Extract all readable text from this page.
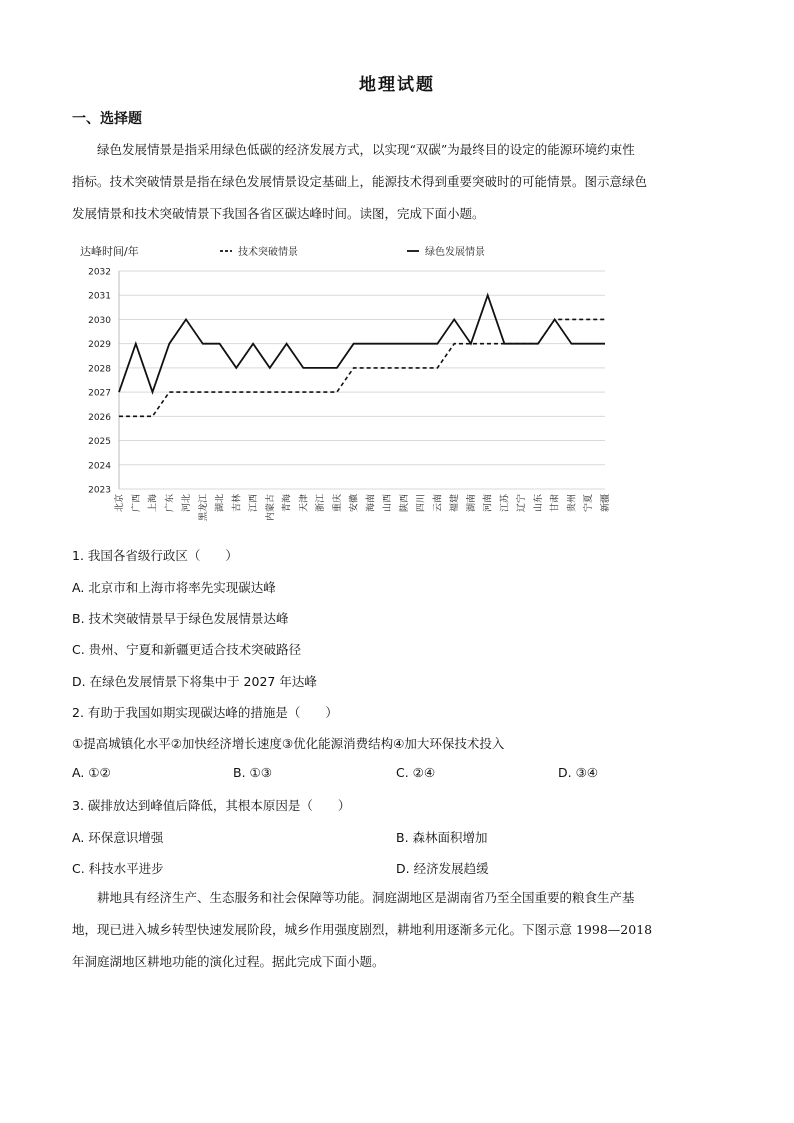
地理试题
一、选择题

绿色发展情景是指采用绿色低碳的经济发展方式，以实现“双碳”为最终目的设定的能源环境约束性

指标。技术突破情景是指在绿色发展情景设定基础上，能源技术得到重要突破时的可能情景。图示意绿色

发展情景和技术突破情景下我国各省区碳达峰时间。读图，完成下面小题。

达峰时间/年	技术突破情景	绿色发展情景
2023
2024
2025
2026
2027
2028
2029
2030
2031
2032
北京 广西 上海 广东 河北 黑龙江 湖北 吉林 江西 内蒙古 青海 天津 浙江 重庆 安徽 海南 山西 陕西 四川 云南 福建 湖南 河南 江苏 辽宁 山东 甘肃 贵州 宁夏 新疆
1. 我国各省级行政区（　　）
A. 北京市和上海市将率先实现碳达峰
B. 技术突破情景早于绿色发展情景达峰
C. 贵州、宁夏和新疆更适合技术突破路径
D. 在绿色发展情景下将集中于 2027 年达峰
2. 有助于我国如期实现碳达峰的措施是（　　）
①提高城镇化水平②加快经济增长速度③优化能源消费结构④加大环保技术投入
A. ①②	B. ①③	C. ②④	D. ③④
3. 碳排放达到峰值后降低，其根本原因是（　　）
A. 环保意识增强	B. 森林面积增加
C. 科技水平进步	D. 经济发展趋缓

耕地具有经济生产、生态服务和社会保障等功能。洞庭湖地区是湖南省乃至全国重要的粮食生产基

地，现已进入城乡转型快速发展阶段，城乡作用强度剧烈，耕地利用逐渐多元化。下图示意 1998—2018

年洞庭湖地区耕地功能的演化过程。据此完成下面小题。
